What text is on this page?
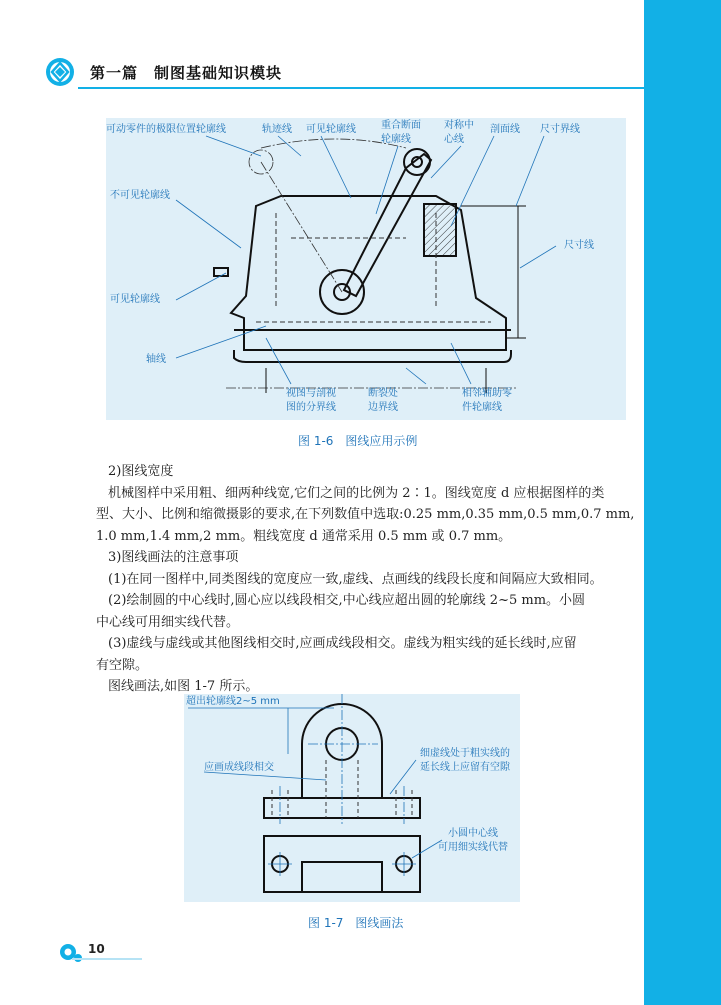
第一篇　制图基础知识模块
可动零件的极限位置轮廓线	轨迹线 可见轮廓线	重合断面
轮廓线
对称中
心线
剖面线 尺寸界线
不可见轮廓线
尺寸线
可见轮廓线
轴线
视图与剖视
图的分界线
断裂处
边界线
相邻辅助零
件轮廓线
图 1-6　图线应用示例

2)图线宽度

机械图样中采用粗、细两种线宽,它们之间的比例为 2∶1。图线宽度 d 应根据图样的类
型、大小、比例和缩微摄影的要求,在下列数值中选取:0.25 mm,0.35 mm,0.5 mm,0.7 mm,
1.0 mm,1.4 mm,2 mm。粗线宽度 d 通常采用 0.5 mm 或 0.7 mm。

3)图线画法的注意事项

(1)在同一图样中,同类图线的宽度应一致,虚线、点画线的线段长度和间隔应大致相同。

(2)绘制圆的中心线时,圆心应以线段相交,中心线应超出圆的轮廓线 2~5 mm。小圆
中心线可用细实线代替。

(3)虚线与虚线或其他图线相交时,应画成线段相交。虚线为粗实线的延长线时,应留
有空隙。

图线画法,如图 1-7 所示。

超出轮廓线2~5 mm
应画成线段相交
细虚线处于粗实线的
延长线上应留有空隙
小圆中心线
可用细实线代替
图 1-7　图线画法
10
